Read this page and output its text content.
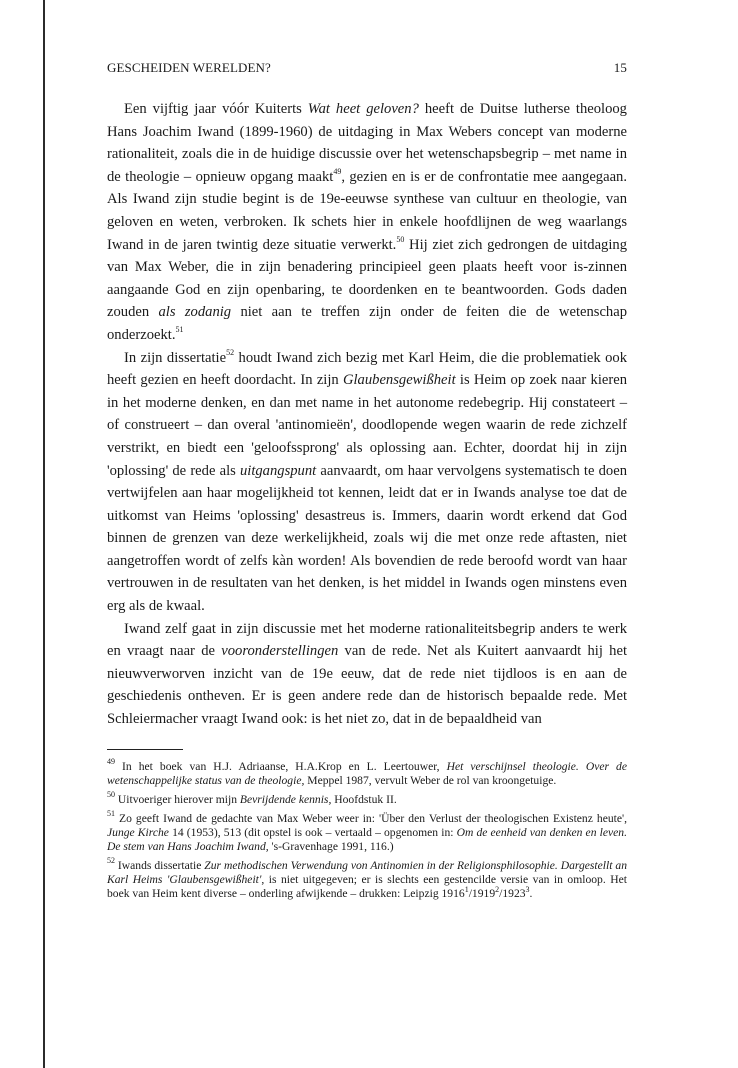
GESCHEIDEN WERELDEN?	15

Een vijftig jaar vóór Kuiterts Wat heet geloven? heeft de Duitse lutherse theoloog Hans Joachim Iwand (1899-1960) de uitdaging in Max Webers concept van moderne rationaliteit, zoals die in de huidige discussie over het wetenschapsbegrip – met name in de theologie – opnieuw opgang maakt$^{49}$, gezien en is er de confrontatie mee aangegaan. Als Iwand zijn studie begint is de 19e-eeuwse synthese van cultuur en theologie, van geloven en weten, verbroken. Ik schets hier in enkele hoofdlijnen de weg waarlangs Iwand in de jaren twintig deze situatie verwerkt.$^{50}$ Hij ziet zich gedrongen de uitdaging van Max Weber, die in zijn benadering principieel geen plaats heeft voor is-zinnen aangaande God en zijn openbaring, te doordenken en te beantwoorden. Gods daden zouden als zodanig niet aan te treffen zijn onder de feiten die de wetenschap onderzoekt.$^{51}$

In zijn dissertatie$^{52}$ houdt Iwand zich bezig met Karl Heim, die die problematiek ook heeft gezien en heeft doordacht. In zijn Glaubensgewißheit is Heim op zoek naar kieren in het moderne denken, en dan met name in het autonome redebegrip. Hij constateert – of construeert – dan overal 'antinomieën', doodlopende wegen waarin de rede zichzelf verstrikt, en biedt een 'geloofssprong' als oplossing aan. Echter, doordat hij in zijn 'oplossing' de rede als uitgangspunt aanvaardt, om haar vervolgens systematisch te doen vertwijfelen aan haar mogelijkheid tot kennen, leidt dat er in Iwands analyse toe dat de uitkomst van Heims 'oplossing' desastreus is. Immers, daarin wordt erkend dat God binnen de grenzen van deze werkelijkheid, zoals wij die met onze rede aftasten, niet aangetroffen wordt of zelfs kàn worden! Als bovendien de rede beroofd wordt van haar vertrouwen in de resultaten van het denken, is het middel in Iwands ogen minstens even erg als de kwaal.

Iwand zelf gaat in zijn discussie met het moderne rationaliteitsbegrip anders te werk en vraagt naar de vooronderstellingen van de rede. Net als Kuitert aanvaardt hij het nieuwverworven inzicht van de 19e eeuw, dat de rede niet tijdloos is en aan de geschiedenis ontheven. Er is geen andere rede dan de historisch bepaalde rede. Met Schleiermacher vraagt Iwand ook: is het niet zo, dat in de bepaaldheid van

$^{49}$ In het boek van H.J. Adriaanse, H.A.Krop en L. Leertouwer, Het verschijnsel theologie. Over de wetenschappelijke status van de theologie, Meppel 1987, vervult Weber de rol van kroongetuige.

$^{50}$ Uitvoeriger hierover mijn Bevrijdende kennis, Hoofdstuk II.

$^{51}$ Zo geeft Iwand de gedachte van Max Weber weer in: 'Über den Verlust der theologischen Existenz heute', Junge Kirche 14 (1953), 513 (dit opstel is ook – vertaald – opgenomen in: Om de eenheid van denken en leven. De stem van Hans Joachim Iwand, 's-Gravenhage 1991, 116.)

$^{52}$ Iwands dissertatie Zur methodischen Verwendung von Antinomien in der Religionsphilosophie. Dargestellt an Karl Heims 'Glaubensgewißheit', is niet uitgegeven; er is slechts een gestencilde versie van in omloop. Het boek van Heim kent diverse – onderling afwijkende – drukken: Leipzig 1916$^1$/1919$^2$/1923$^3$.
